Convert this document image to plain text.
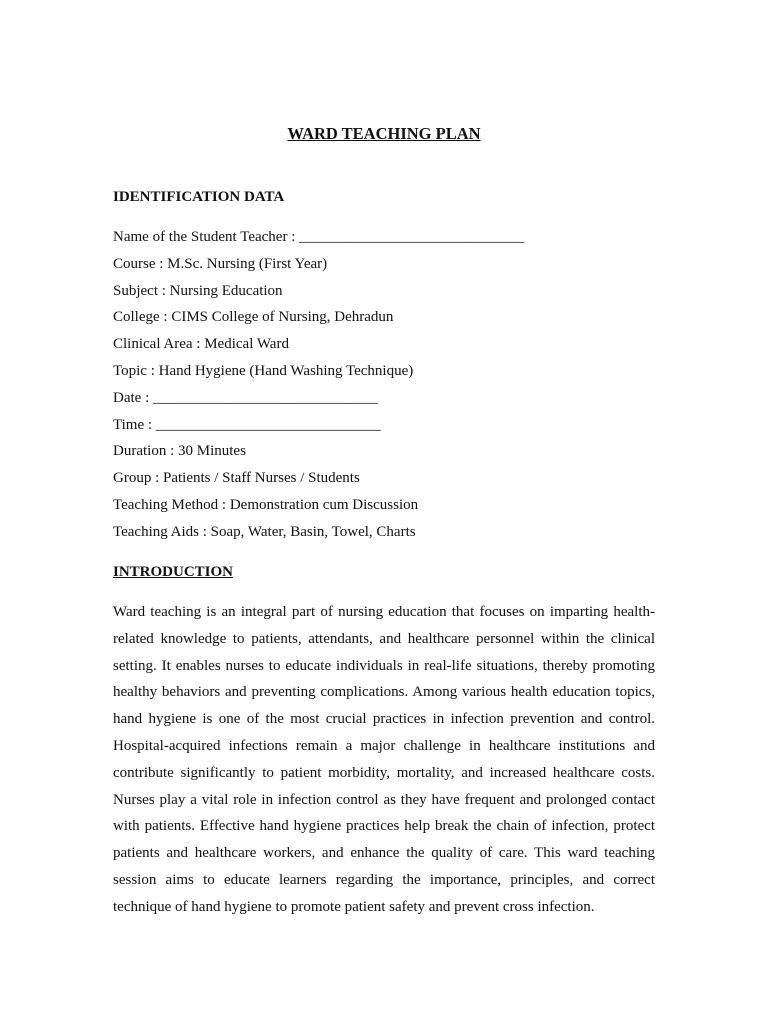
WARD TEACHING PLAN
IDENTIFICATION DATA
Name of the Student Teacher : ______________________________
Course : M.Sc. Nursing (First Year)
Subject : Nursing Education
College : CIMS College of Nursing, Dehradun
Clinical Area : Medical Ward
Topic : Hand Hygiene (Hand Washing Technique)
Date : ______________________________
Time : ______________________________
Duration : 30 Minutes
Group : Patients / Staff Nurses / Students
Teaching Method : Demonstration cum Discussion
Teaching Aids : Soap, Water, Basin, Towel, Charts
INTRODUCTION

Ward teaching is an integral part of nursing education that focuses on imparting health-related knowledge to patients, attendants, and healthcare personnel within the clinical setting. It enables nurses to educate individuals in real-life situations, thereby promoting healthy behaviors and preventing complications. Among various health education topics, hand hygiene is one of the most crucial practices in infection prevention and control. Hospital-acquired infections remain a major challenge in healthcare institutions and contribute significantly to patient morbidity, mortality, and increased healthcare costs. Nurses play a vital role in infection control as they have frequent and prolonged contact with patients. Effective hand hygiene practices help break the chain of infection, protect patients and healthcare workers, and enhance the quality of care. This ward teaching session aims to educate learners regarding the importance, principles, and correct technique of hand hygiene to promote patient safety and prevent cross infection.
